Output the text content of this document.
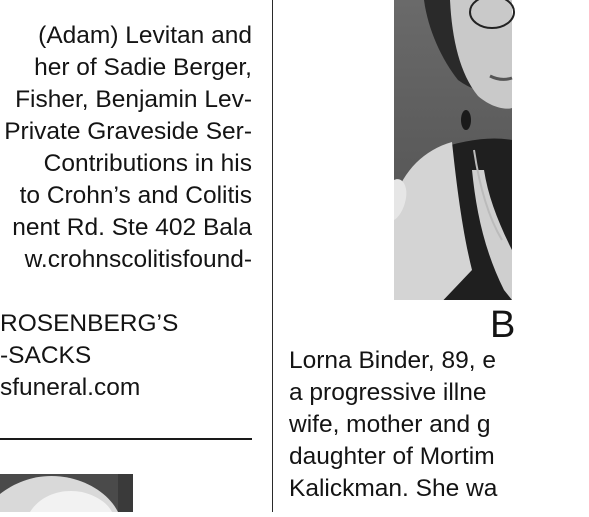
(Adam) Levitan and
her of Sadie Berger,
Fisher, Benjamin Lev-
Private Graveside Ser-
Contributions in his
to Crohn’s and Colitis
nent Rd. Ste 402 Bala
w.crohnscolitisfound-
ROSENBERG’S
-SACKS
sfuneral.com
B
Lorna Binder, 89, e
a progressive illne
wife, mother and g
daughter of Mortim
Kalickman. She wa
